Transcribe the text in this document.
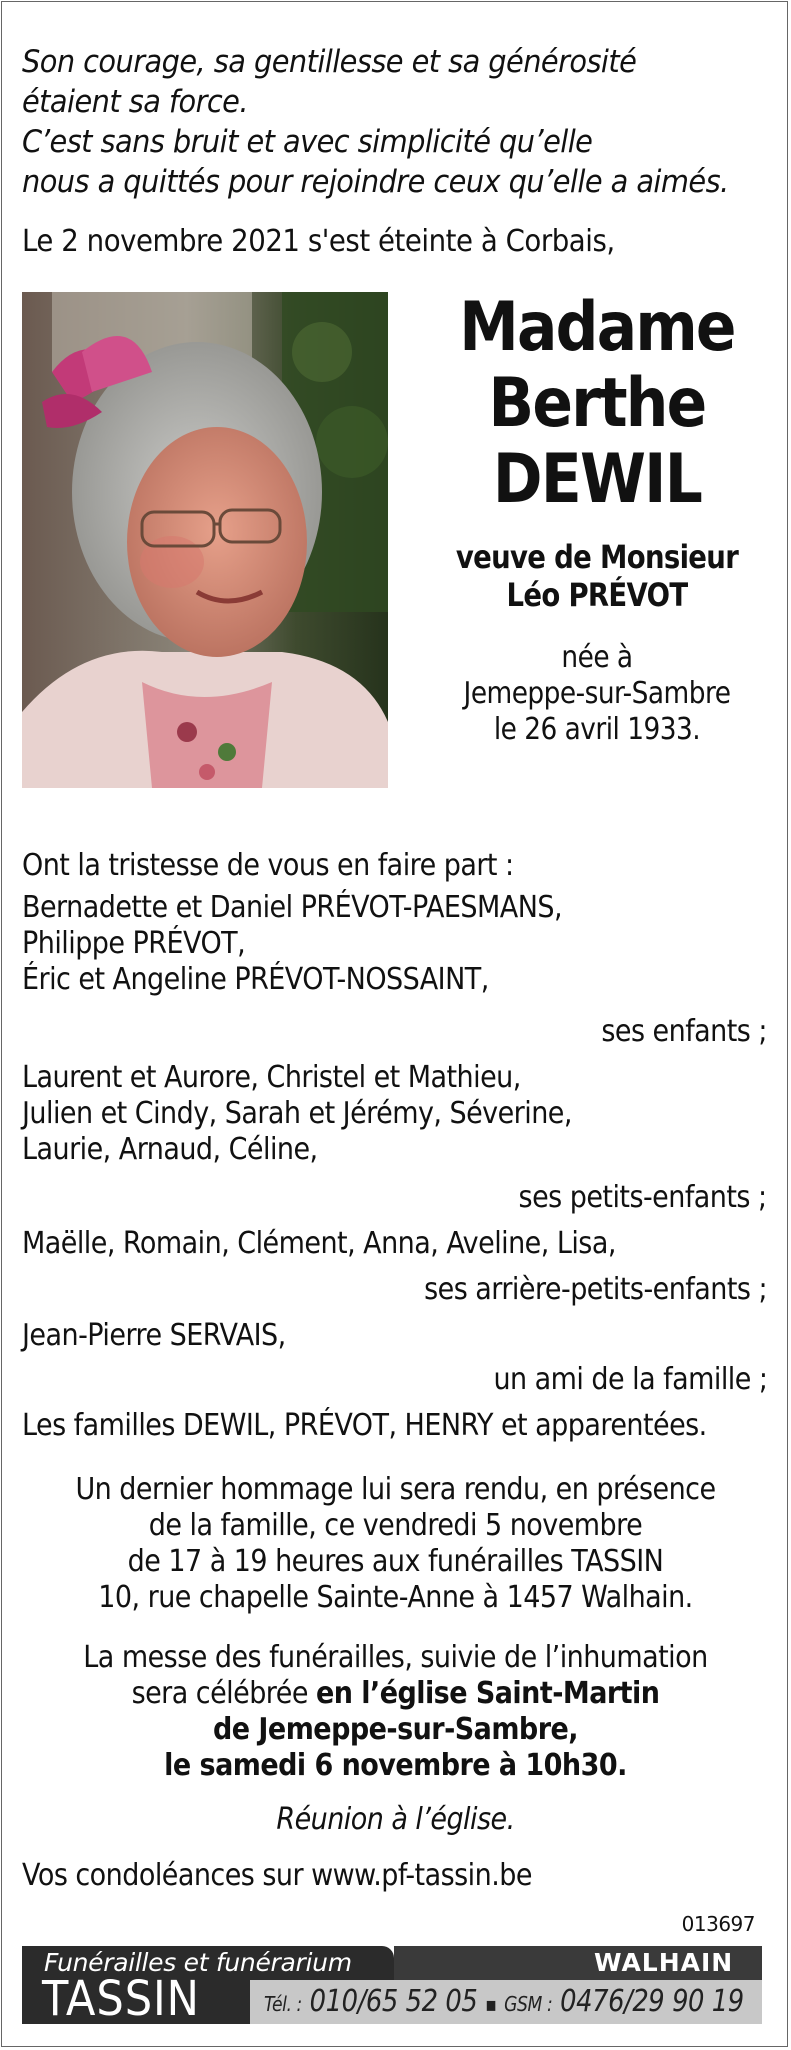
Son courage, sa gentillesse et sa générosité
étaient sa force.
C’est sans bruit et avec simplicité qu’elle
nous a quittés pour rejoindre ceux qu’elle a aimés.
Le 2 novembre 2021 s'est éteinte à Corbais,
Madame
Berthe
DEWIL
veuve de Monsieur
Léo PRÉVOT
née à
Jemeppe-sur-Sambre
le 26 avril 1933.
Ont la tristesse de vous en faire part :
Bernadette et Daniel PRÉVOT-PAESMANS,
Philippe PRÉVOT,
Éric et Angeline PRÉVOT-NOSSAINT,
ses enfants ;
Laurent et Aurore, Christel et Mathieu,
Julien et Cindy, Sarah et Jérémy, Séverine,
Laurie, Arnaud, Céline,
ses petits-enfants ;
Maëlle, Romain, Clément, Anna, Aveline, Lisa,
ses arrière-petits-enfants ;
Jean-Pierre SERVAIS,
un ami de la famille ;
Les familles DEWIL, PRÉVOT, HENRY et apparentées.
Un dernier hommage lui sera rendu, en présence
de la famille, ce vendredi 5 novembre
de 17 à 19 heures aux funérailles TASSIN
10, rue chapelle Sainte-Anne à 1457 Walhain.
La messe des funérailles, suivie de l’inhumation
sera célébrée en l’église Saint-Martin
de Jemeppe-sur-Sambre,
le samedi 6 novembre à 10h30.
Réunion à l’église.
Vos condoléances sur www.pf-tassin.be
013697
Funérailles et funérarium
TASSIN
WALHAIN
Tél. : 010/65 52 05 ▪ GSM : 0476/29 90 19
